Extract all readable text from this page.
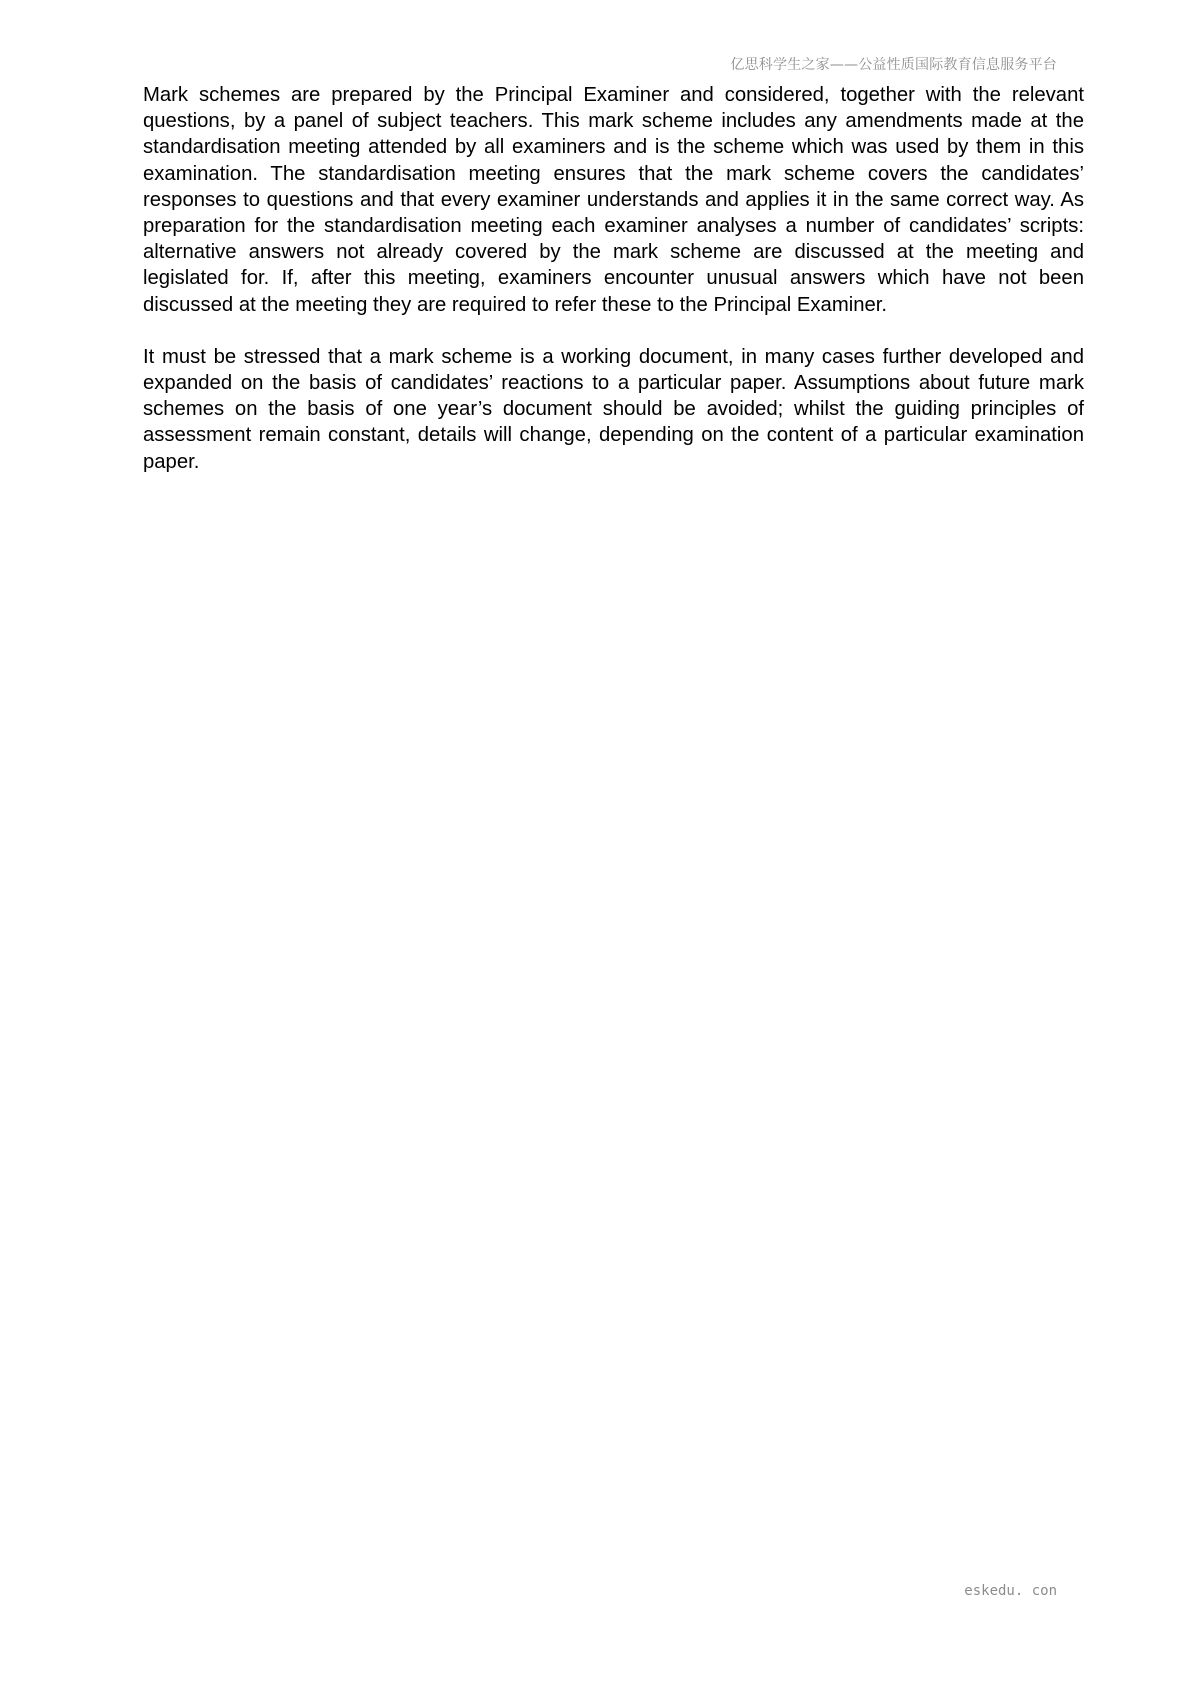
亿思科学生之家——公益性质国际教育信息服务平台

Mark schemes are prepared by the Principal Examiner and considered, together with the relevant questions, by a panel of subject teachers. This mark scheme includes any amendments made at the standardisation meeting attended by all examiners and is the scheme which was used by them in this examination. The standardisation meeting ensures that the mark scheme covers the candidates’ responses to questions and that every examiner understands and applies it in the same correct way. As preparation for the standardisation meeting each examiner analyses a number of candidates’ scripts: alternative answers not already covered by the mark scheme are discussed at the meeting and legislated for. If, after this meeting, examiners encounter unusual answers which have not been discussed at the meeting they are required to refer these to the Principal Examiner.

It must be stressed that a mark scheme is a working document, in many cases further developed and expanded on the basis of candidates’ reactions to a particular paper. Assumptions about future mark schemes on the basis of one year’s document should be avoided; whilst the guiding principles of assessment remain constant, details will change, depending on the content of a particular examination paper.

eskedu. con
